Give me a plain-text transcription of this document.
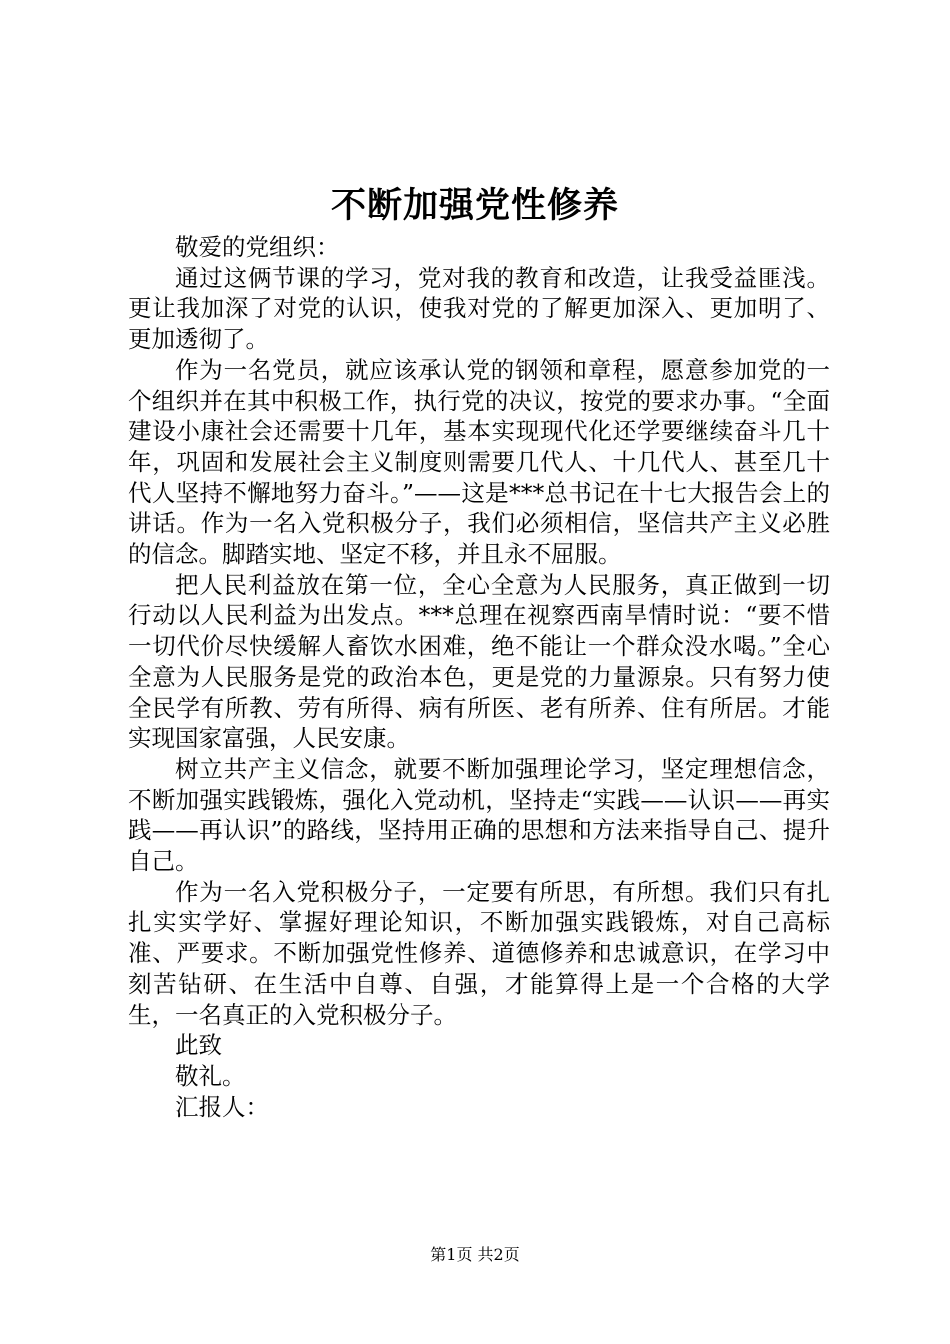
不断加强党性修养

敬爱的党组织：

通过这俩节课的学习，党对我的教育和改造，让我受益匪浅。更让我加深了对党的认识，使我对党的了解更加深入、更加明了、更加透彻了。

作为一名党员，就应该承认党的钢领和章程，愿意参加党的一个组织并在其中积极工作，执行党的决议，按党的要求办事。“全面建设小康社会还需要十几年，基本实现现代化还学要继续奋斗几十年，巩固和发展社会主义制度则需要几代人、十几代人、甚至几十代人坚持不懈地努力奋斗。”——这是***总书记在十七大报告会上的讲话。作为一名入党积极分子，我们必须相信，坚信共产主义必胜的信念。脚踏实地、坚定不移，并且永不屈服。

把人民利益放在第一位，全心全意为人民服务，真正做到一切行动以人民利益为出发点。***总理在视察西南旱情时说：“要不惜一切代价尽快缓解人畜饮水困难，绝不能让一个群众没水喝。”全心全意为人民服务是党的政治本色，更是党的力量源泉。只有努力使全民学有所教、劳有所得、病有所医、老有所养、住有所居。才能实现国家富强，人民安康。

树立共产主义信念，就要不断加强理论学习，坚定理想信念，不断加强实践锻炼，强化入党动机，坚持走“实践——认识——再实践——再认识”的路线，坚持用正确的思想和方法来指导自己、提升自己。

作为一名入党积极分子，一定要有所思，有所想。我们只有扎扎实实学好、掌握好理论知识，不断加强实践锻炼，对自己高标准、严要求。不断加强党性修养、道德修养和忠诚意识，在学习中刻苦钻研、在生活中自尊、自强，才能算得上是一个合格的大学生，一名真正的入党积极分子。

此致

敬礼。

汇报人：

第1页 共2页
